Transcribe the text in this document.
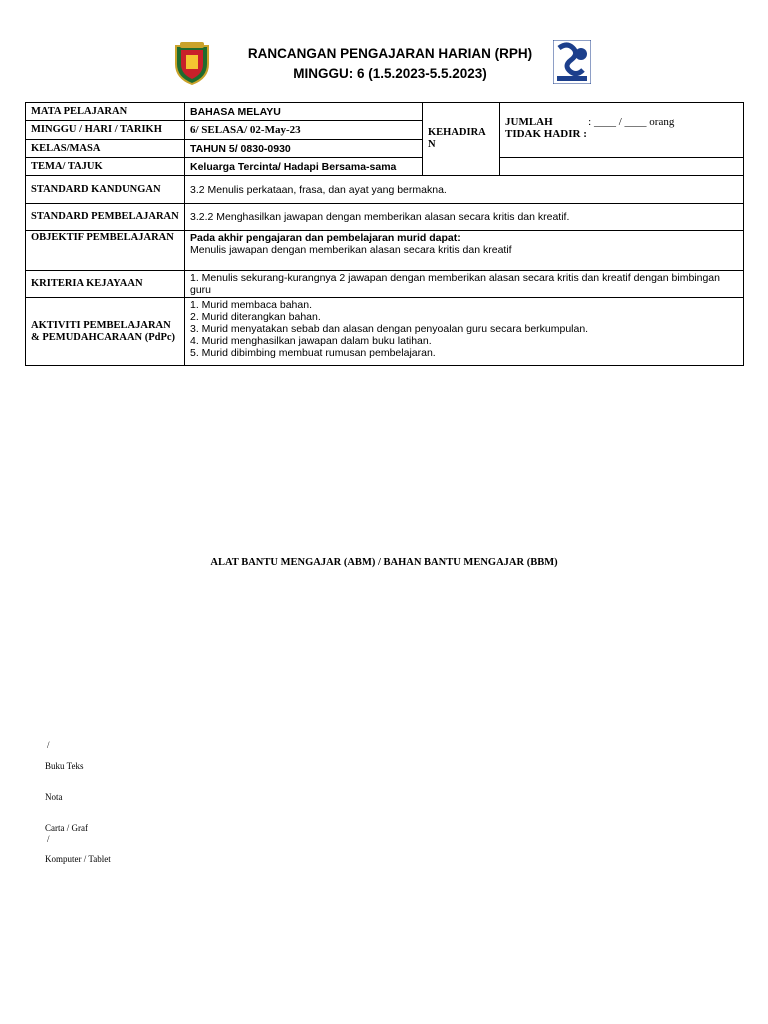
RANCANGAN PENGAJARAN HARIAN (RPH)
MINGGU: 6 (1.5.2023-5.5.2023)
MATA PELAJARAN	BAHASA MELAYU	KEHADIRA N	JUMLAH : ____ / ____ orang
TIDAK HADIR :

MINGGU / HARI / TARIKH	6/ SELASA/ 02-May-23		
KELAS/MASA	TAHUN 5/ 0830-0930		
TEMA/ TAJUK	Keluarga Tercinta/ Hadapi Bersama-sama		
STANDARD KANDUNGAN	3.2 Menulis perkataan, frasa, dan ayat yang bermakna.		
STANDARD PEMBELAJARAN	3.2.2 Menghasilkan jawapan dengan memberikan alasan secara kritis dan kreatif.		
OBJEKTIF PEMBELAJARAN	Pada akhir pengajaran dan pembelajaran murid dapat:
Menulis jawapan dengan memberikan alasan secara kritis dan kreatif		

KRITERIA KEJAYAAN	1. Menulis sekurang-kurangnya 2 jawapan dengan memberikan alasan secara kritis dan kreatif dengan bimbingan guru		
AKTIVITI PEMBELAJARAN & PEMUDAHCARAAN (PdPc)	1. Murid membaca bahan.
2. Murid diterangkan bahan.
3. Murid menyatakan sebab dan alasan dengan penyoalan guru secara berkumpulan.
4. Murid menghasilkan jawapan dalam buku latihan.
5. Murid dibimbing membuat rumusan pembelajaran.		
ALAT BANTU MENGAJAR (ABM) / BAHAN BANTU MENGAJAR (BBM)
/
Buku Teks
Nota
Carta / Graf
/
Komputer / Tablet
